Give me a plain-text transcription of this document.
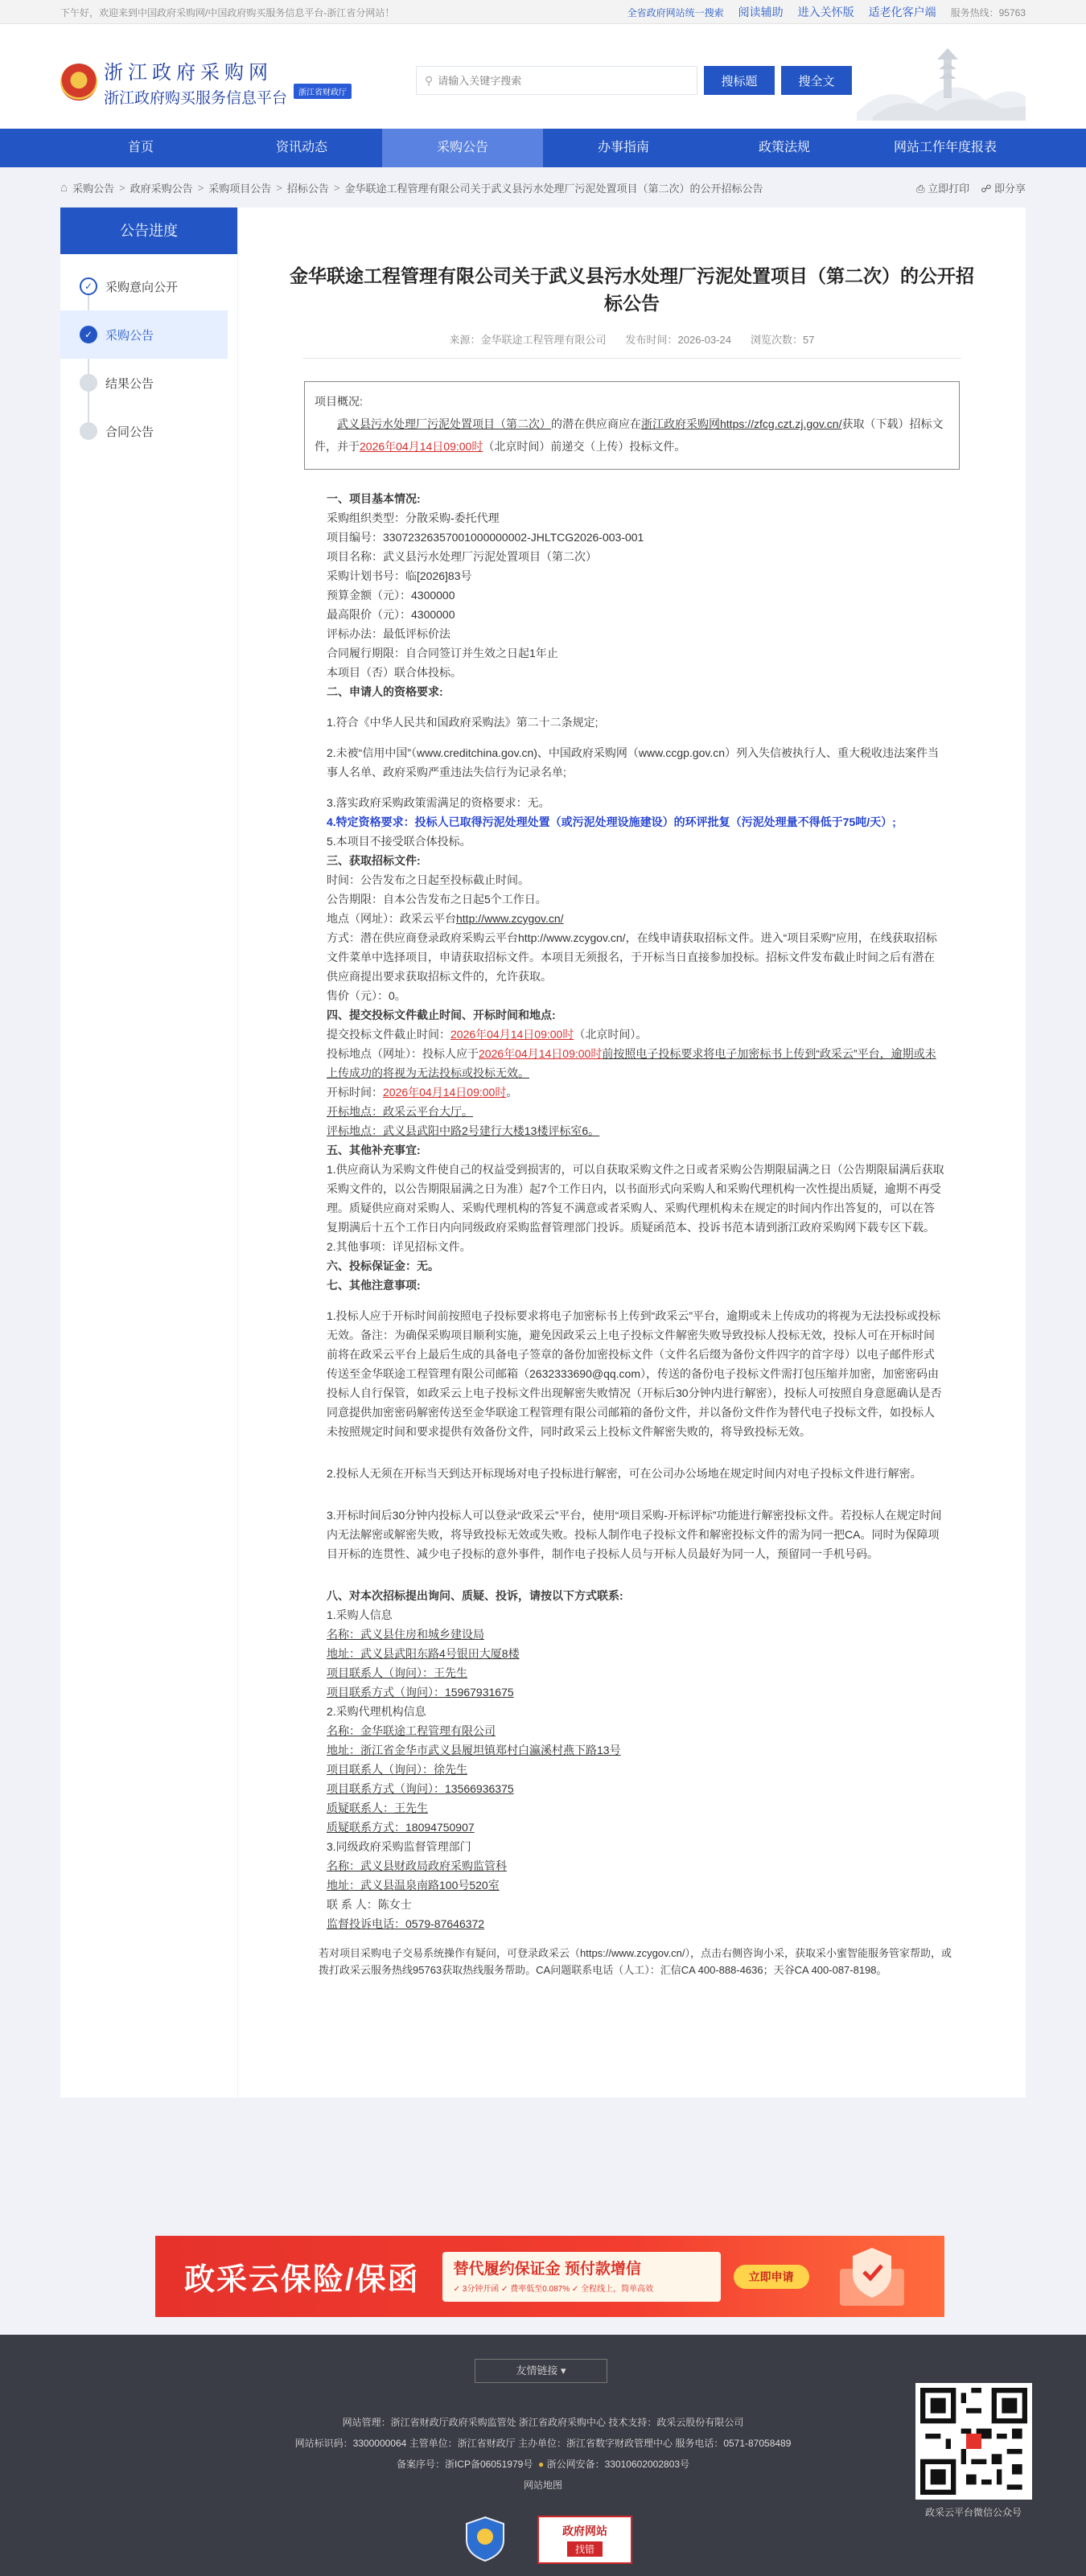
下午好，欢迎来到中国政府采购网/中国政府购买服务信息平台-浙江省分网站！	全省政府网站统一搜索 阅读辅助 进入关怀版 适老化客户端 服务热线：95763
浙江政府采购网
浙江政府购买服务信息平台	浙江省财政厅
⚲
请输入关键字搜索	搜标题	搜全文
首页	资讯动态	采购公告	办事指南	政策法规	网站工作年度报表
⌂ 采购公告 > 政府采购公告 > 采购项目公告 > 招标公告 > 金华联途工程管理有限公司关于武义县污水处理厂污泥处置项目（第二次）的公开招标公告	⎙ 立即打印 ☍ 即分享
公告进度
✓	采购意向公开
✓	采购公告
结果公告
合同公告
金华联途工程管理有限公司关于武义县污水处理厂污泥处置项目（第二次）的公开招标公告
来源：金华联途工程管理有限公司 发布时间：2026-03-24 浏览次数：57
项目概况:
武义县污水处理厂污泥处置项目（第二次）的潜在供应商应在浙江政府采购网https://zfcg.czt.zj.gov.cn/获取（下载）招标文件，并于2026年04月14日09:00时（北京时间）前递交（上传）投标文件。

一、项目基本情况:

采购组织类型：分散采购-委托代理

项目编号：33072326357001000000002-JHLTCG2026-003-001

项目名称：武义县污水处理厂污泥处置项目（第二次）

采购计划书号：临[2026]83号

预算金额（元）：4300000

最高限价（元）：4300000

评标办法：最低评标价法

合同履行期限：自合同签订并生效之日起1年止

本项目（否）联合体投标。

二、申请人的资格要求:

1.符合《中华人民共和国政府采购法》第二十二条规定;

2.未被“信用中国”（www.creditchina.gov.cn)、中国政府采购网（www.ccgp.gov.cn）列入失信被执行人、重大税收违法案件当事人名单、政府采购严重违法失信行为记录名单;

3.落实政府采购政策需满足的资格要求：无。

4.特定资格要求：投标人已取得污泥处理处置（或污泥处理设施建设）的环评批复（污泥处理量不得低于75吨/天）;

5.本项目不接受联合体投标。

三、获取招标文件:

时间：公告发布之日起至投标截止时间。

公告期限：自本公告发布之日起5个工作日。

地点（网址）：政采云平台http://www.zcygov.cn/

方式：潜在供应商登录政府采购云平台http://www.zcygov.cn/，在线申请获取招标文件。进入“项目采购”应用，在线获取招标文件菜单中选择项目，申请获取招标文件。本项目无须报名，于开标当日直接参加投标。招标文件发布截止时间之后有潜在供应商提出要求获取招标文件的，允许获取。

售价（元）：0。

四、提交投标文件截止时间、开标时间和地点:

提交投标文件截止时间：2026年04月14日09:00时（北京时间）。

投标地点（网址）：投标人应于2026年04月14日09:00时前按照电子投标要求将电子加密标书上传到“政采云”平台，逾期或未上传成功的将视为无法投标或投标无效。

开标时间：2026年04月14日09:00时。

开标地点：政采云平台大厅。

评标地点：武义县武阳中路2号建行大楼13楼评标室6。

五、其他补充事宜:

1.供应商认为采购文件使自己的权益受到损害的，可以自获取采购文件之日或者采购公告期限届满之日（公告期限届满后获取采购文件的，以公告期限届满之日为准）起7个工作日内，以书面形式向采购人和采购代理机构一次性提出质疑，逾期不再受理。质疑供应商对采购人、采购代理机构的答复不满意或者采购人、采购代理机构未在规定的时间内作出答复的，可以在答复期满后十五个工作日内向同级政府采购监督管理部门投诉。质疑函范本、投诉书范本请到浙江政府采购网下载专区下载。

2.其他事项：详见招标文件。

六、投标保证金：无。

七、其他注意事项:

1.投标人应于开标时间前按照电子投标要求将电子加密标书上传到“政采云”平台，逾期或未上传成功的将视为无法投标或投标无效。备注：为确保采购项目顺利实施，避免因政采云上电子投标文件解密失败导致投标人投标无效，投标人可在开标时间前将在政采云平台上最后生成的具备电子签章的备份加密投标文件（文件名后缀为备份文件四字的首字母）以电子邮件形式传送至金华联途工程管理有限公司邮箱（2632333690@qq.com），传送的备份电子投标文件需打包压缩并加密，加密密码由投标人自行保管，如政采云上电子投标文件出现解密失败情况（开标后30分钟内进行解密），投标人可按照自身意愿确认是否同意提供加密密码解密传送至金华联途工程管理有限公司邮箱的备份文件，并以备份文件作为替代电子投标文件，如投标人未按照规定时间和要求提供有效备份文件，同时政采云上投标文件解密失败的，将导致投标无效。

2.投标人无须在开标当天到达开标现场对电子投标进行解密，可在公司办公场地在规定时间内对电子投标文件进行解密。

3.开标时间后30分钟内投标人可以登录“政采云”平台，使用“项目采购-开标评标”功能进行解密投标文件。若投标人在规定时间内无法解密或解密失败，将导致投标无效或失败。投标人制作电子投标文件和解密投标文件的需为同一把CA。同时为保障项目开标的连贯性、减少电子投标的意外事件，制作电子投标人员与开标人员最好为同一人，预留同一手机号码。

八、对本次招标提出询问、质疑、投诉，请按以下方式联系:

1.采购人信息

名称：武义县住房和城乡建设局

地址：武义县武阳东路4号银田大厦8楼

项目联系人（询问）：王先生

项目联系方式（询问）：15967931675

2.采购代理机构信息

名称：金华联途工程管理有限公司

地址：浙江省金华市武义县履坦镇郑村白瀛溪村燕下路13号

项目联系人（询问）：徐先生

项目联系方式（询问）：13566936375

质疑联系人：王先生

质疑联系方式：18094750907

3.同级政府采购监督管理部门

名称：武义县财政局政府采购监管科

地址：武义县温泉南路100号520室

联 系 人：陈女士

监督投诉电话：0579-87646372

若对项目采购电子交易系统操作有疑问，可登录政采云（https://www.zcygov.cn/），点击右侧咨询小采，获取采小蜜智能服务管家帮助，或拨打政采云服务热线95763获取热线服务帮助。CA问题联系电话（人工）：汇信CA 400-888-4636；天谷CA 400-087-8198。
政采云保险/保函 替代履约保证金 预付款增信
✓ 3分钟开函 ✓ 费率低至0.087% ✓ 全程线上，简单高效
立即申请
友情链接 ▾
网站管理：浙江省财政厅政府采购监管处 浙江省政府采购中心 技术支持：政采云股份有限公司
网站标识码：3300000064 主管单位：浙江省财政厅 主办单位：浙江省数字财政管理中心 服务电话：0571-87058489
备案序号：浙ICP备06051979号 ● 浙公网安备：33010602002803号
网站地图
政府网站
找错
政采云平台微信公众号
